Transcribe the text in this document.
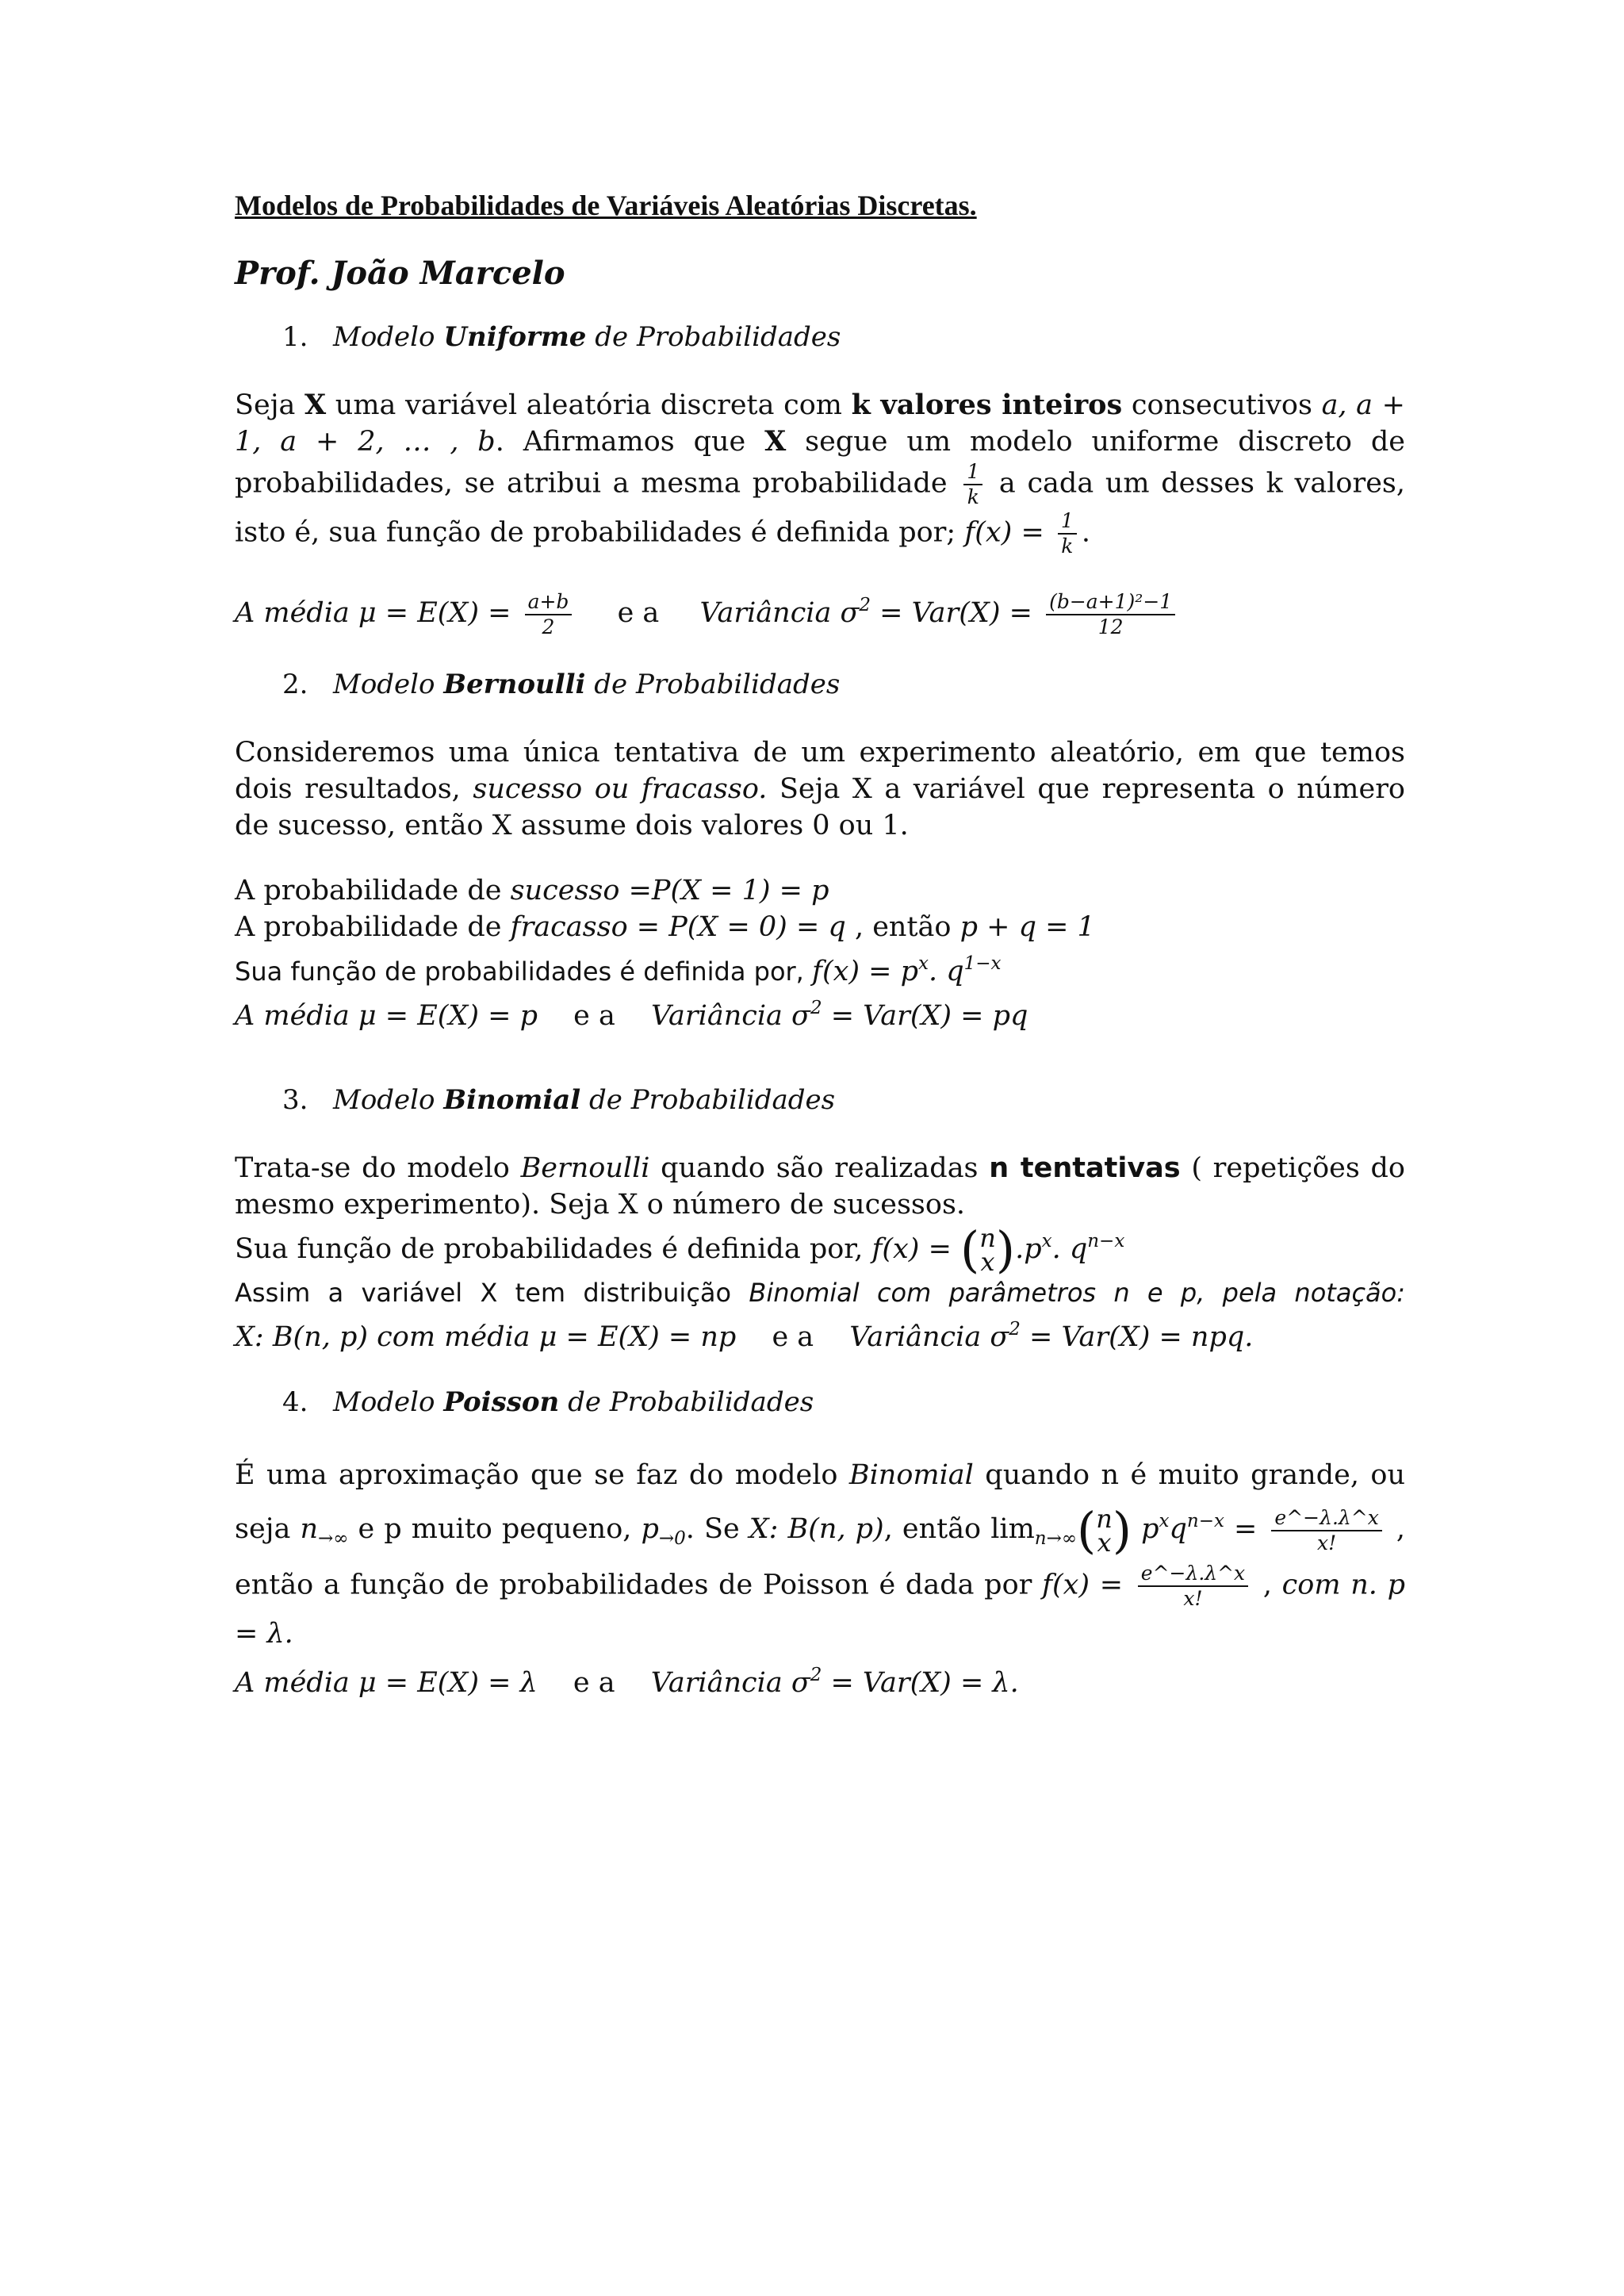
Modelos de Probabilidades de Variáveis Aleatórias Discretas.
Prof. João Marcelo
1. Modelo Uniforme de Probabilidades

Seja X uma variável aleatória discreta com k valores inteiros consecutivos a, a + 1, a + 2, … , b. Afirmamos que X segue um modelo uniforme discreto de probabilidades, se atribui a mesma probabilidade $\frac{1}{k}$ a cada um desses k valores, isto é, sua função de probabilidades é definida por; $f(x) = \frac{1}{k}$ .

A média $\mu = E(X) = \frac{a+b}{2}$ e a Variância $\sigma^2 = Var(X) = \frac{\text{(b−a+1)²−1}}{12}$

2. Modelo Bernoulli de Probabilidades

Consideremos uma única tentativa de um experimento aleatório, em que temos dois resultados, sucesso ou fracasso. Seja X a variável que representa o número de sucesso, então X assume dois valores 0 ou 1.

A probabilidade de sucesso =P(X = 1) = p

A probabilidade de fracasso = P(X = 0) = q , então p + q = 1

Sua função de probabilidades é definida por, $f(x) = p^x$. $q^{1-x}$

A média μ = E(X) = p e a Variância $\sigma^2 = Var(X)$ = pq

3. Modelo Binomial de Probabilidades

Trata-se do modelo Bernoulli quando são realizadas n tentativas ( repetições do mesmo experimento). Seja X o número de sucessos.

Sua função de probabilidades é definida por, f(x) = ( n
x ) $.p^x$. $q^{n-x}$

Assim a variável X tem distribuição Binomial com parâmetros n e p, pela notação:

X: B(n, p) com média μ = E(X) = np e a Variância $\sigma^2 = Var(X)$ = npq.

4. Modelo Poisson de Probabilidades

É uma aproximação que se faz do modelo Binomial quando n é muito grande, ou seja $n_{\to\infty}$ e p muito pequeno, $p_{\to 0}$. Se X: B(n, p), então $\lim_{n\to\infty}$ ( n
x ) $p^xq^{n-x} = \frac{e\^{}-\lambda.\lambda\^{}x}{x!}$ , então a função de probabilidades de Poisson é dada por $f(x) = \frac{e\^{}-\lambda.\lambda\^{}x}{x!}$ , com n. p = λ.

A média μ = E(X) = λ e a Variância $\sigma^2 = Var(X) = \lambda$.
